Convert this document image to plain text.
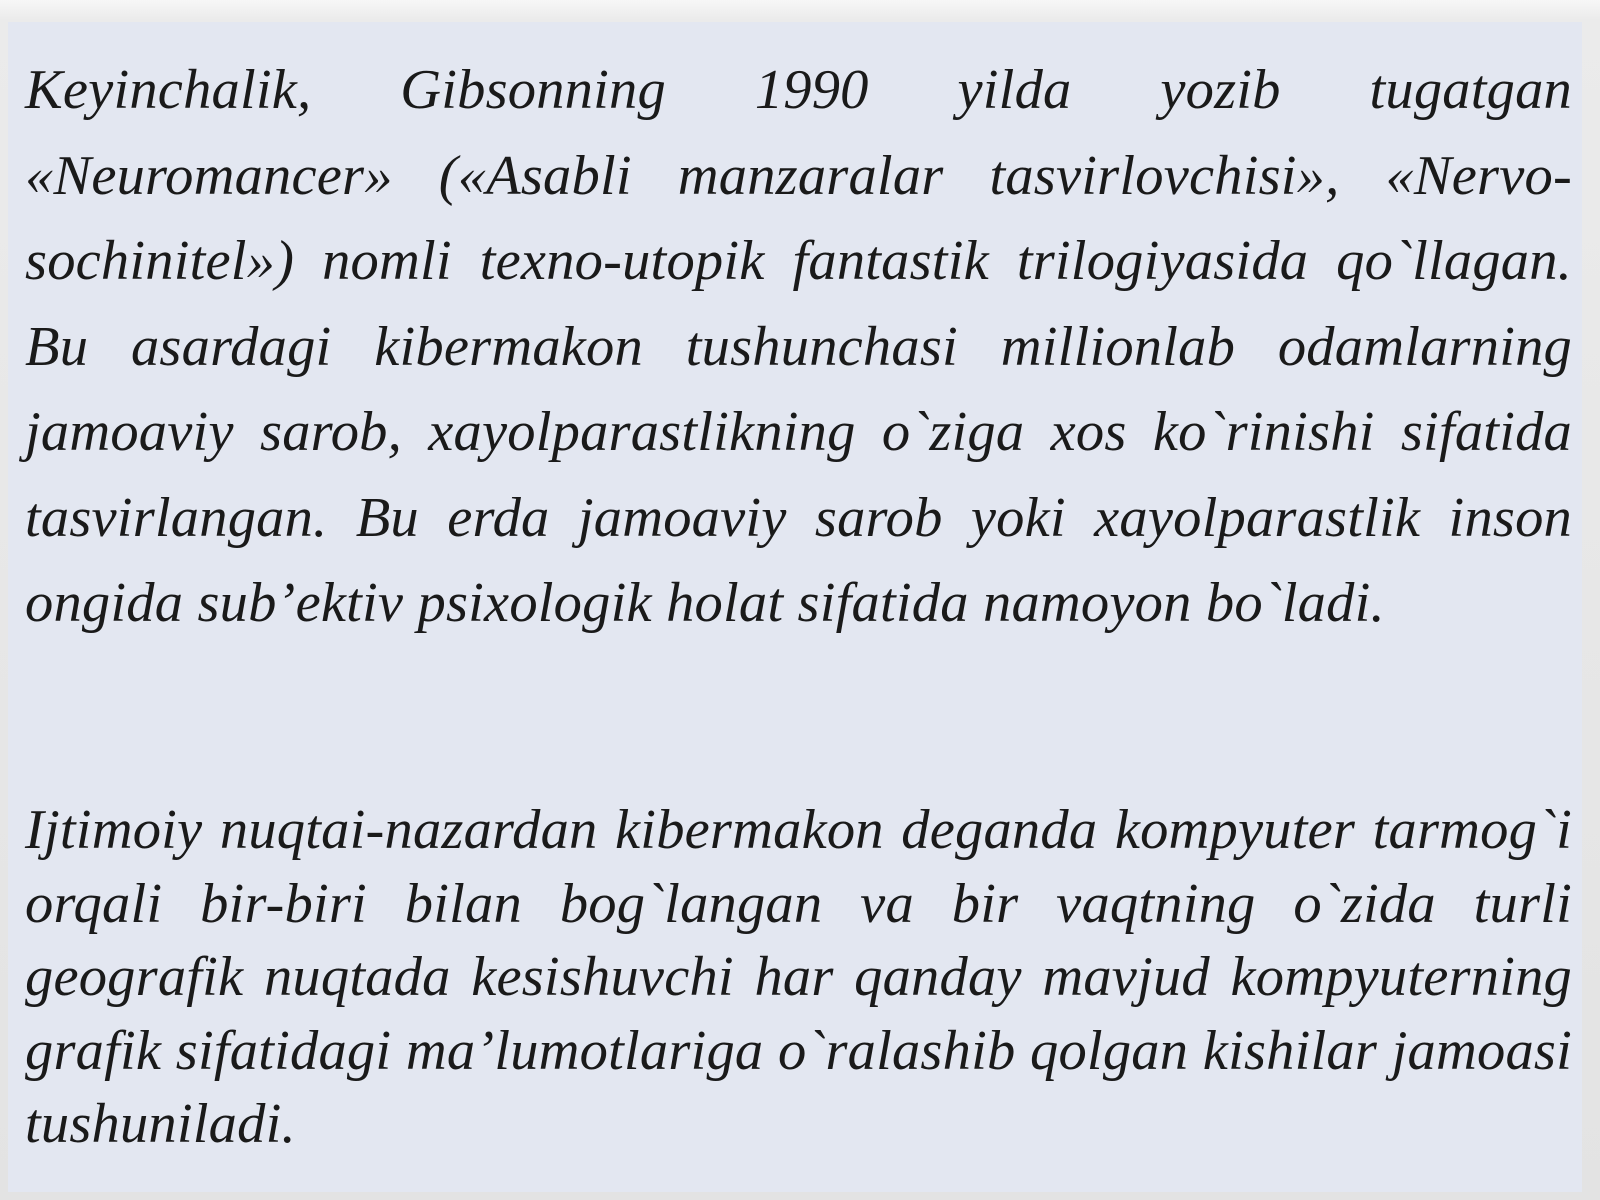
Keyinchalik, Gibsonning 1990 yilda yozib tugatgan «Neuromancer» («Asabli manzaralar tasvirlovchisi», «Nervo-sochinitel») nomli texno-utopik fantastik trilogiyasida qo`llagan. Bu asardagi kibermakon tushunchasi millionlab odamlarning jamoaviy sarob, xayolparastlikning o`ziga xos ko`rinishi sifatida tasvirlangan. Bu erda jamoaviy sarob yoki xayolparastlik inson ongida sub’ektiv psixologik holat sifatida namoyon bo`ladi.

Ijtimoiy nuqtai-nazardan kibermakon deganda kompyuter tarmog`i orqali bir-biri bilan bog`langan va bir vaqtning o`zida turli geografik nuqtada kesishuvchi har qanday mavjud kompyuterning grafik sifatidagi ma’lumotlariga o`ralashib qolgan kishilar jamoasi tushuniladi.
